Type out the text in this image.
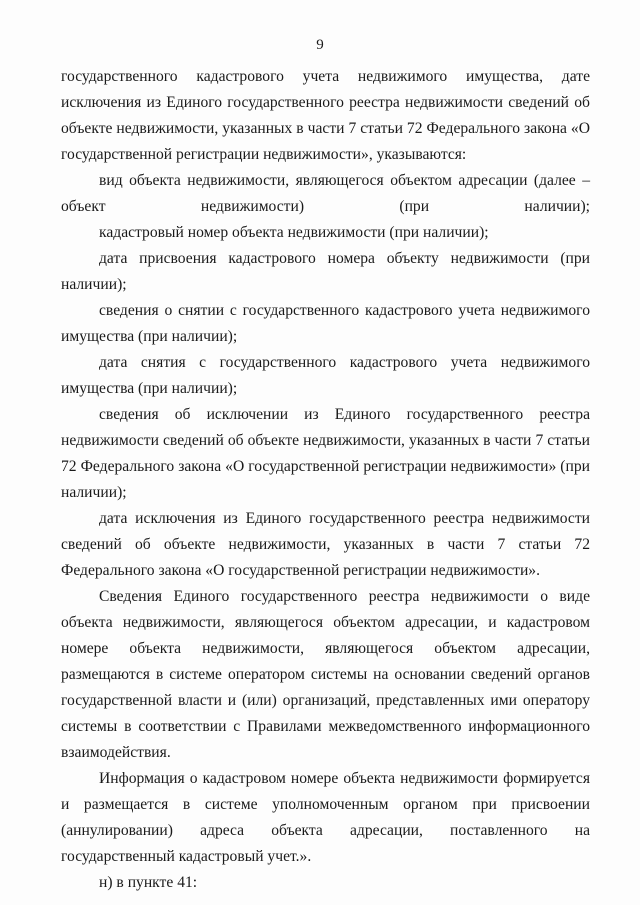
9

государственного кадастрового учета недвижимого имущества, дате исключения из Единого государственного реестра недвижимости сведений об объекте недвижимости, указанных в части 7 статьи 72 Федерального закона «О государственной регистрации недвижимости», указываются:

вид объекта недвижимости, являющегося объектом адресации (далее – объект недвижимости) (при наличии);

кадастровый номер объекта недвижимости (при наличии);

дата присвоения кадастрового номера объекту недвижимости (при наличии);

сведения о снятии с государственного кадастрового учета недвижимого имущества (при наличии);

дата снятия с государственного кадастрового учета недвижимого имущества (при наличии);

сведения об исключении из Единого государственного реестра недвижимости сведений об объекте недвижимости, указанных в части 7 статьи 72 Федерального закона «О государственной регистрации недвижимости» (при наличии);

дата исключения из Единого государственного реестра недвижимости сведений об объекте недвижимости, указанных в части 7 статьи 72 Федерального закона «О государственной регистрации недвижимости».

Сведения Единого государственного реестра недвижимости о виде объекта недвижимости, являющегося объектом адресации, и кадастровом номере объекта недвижимости, являющегося объектом адресации, размещаются в системе оператором системы на основании сведений органов государственной власти и (или) организаций, представленных ими оператору системы в соответствии с Правилами межведомственного информационного взаимодействия.

Информация о кадастровом номере объекта недвижимости формируется и размещается в системе уполномоченным органом при присвоении (аннулировании) адреса объекта адресации, поставленного на государственный кадастровый учет.».

н) в пункте 41:
